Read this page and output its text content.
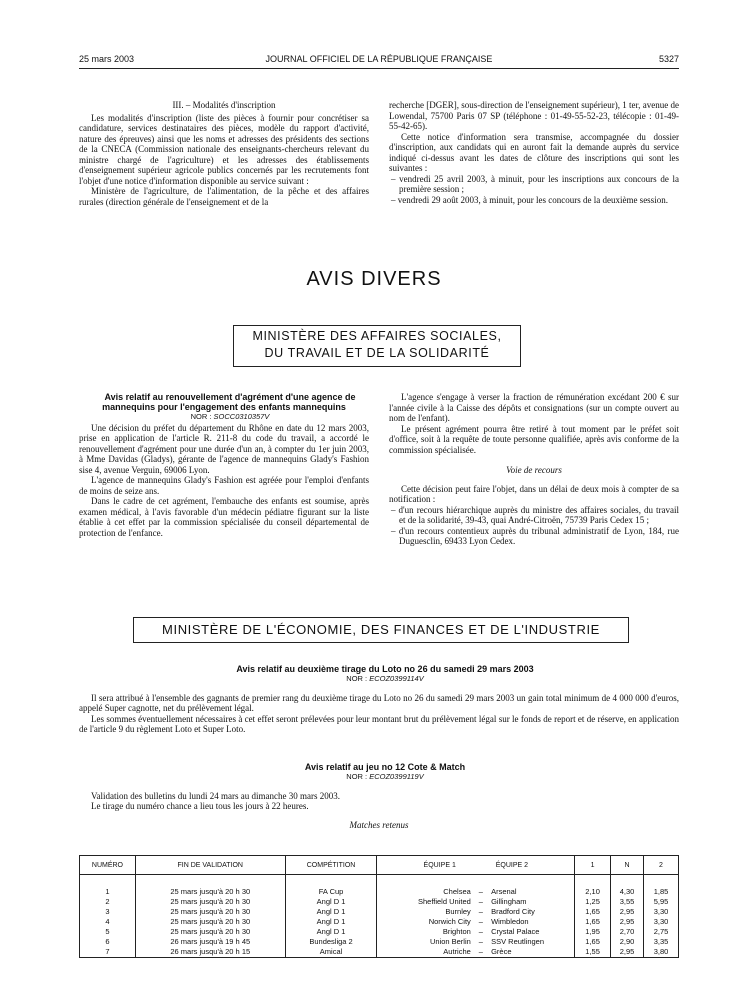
25 mars 2003	JOURNAL OFFICIEL DE LA RÉPUBLIQUE FRANÇAISE	5327
III. – Modalités d'inscription

Les modalités d'inscription (liste des pièces à fournir pour concrétiser sa candidature, services destinataires des pièces, modèle du rapport d'activité, nature des épreuves) ainsi que les noms et adresses des présidents des sections de la CNECA (Commission nationale des enseignants-chercheurs relevant du ministre chargé de l'agriculture) et les adresses des établissements d'enseignement supérieur agricole publics concernés par les recrutements font l'objet d'une notice d'information disponible au service suivant :

Ministère de l'agriculture, de l'alimentation, de la pêche et des affaires rurales (direction générale de l'enseignement et de la

recherche [DGER], sous-direction de l'enseignement supérieur), 1 ter, avenue de Lowendal, 75700 Paris 07 SP (téléphone : 01-49-55-52-23, télécopie : 01-49-55-42-65).

Cette notice d'information sera transmise, accompagnée du dossier d'inscription, aux candidats qui en auront fait la demande auprès du service indiqué ci-dessus avant les dates de clôture des inscriptions qui sont les suivantes :

– vendredi 25 avril 2003, à minuit, pour les inscriptions aux concours de la première session ;

– vendredi 29 août 2003, à minuit, pour les concours de la deuxième session.

AVIS DIVERS
MINISTÈRE DES AFFAIRES SOCIALES,
DU TRAVAIL ET DE LA SOLIDARITÉ

Avis relatif au renouvellement d'agrément d'une agence de mannequins pour l'engagement des enfants mannequins

NOR : SOCC0310357V

Une décision du préfet du département du Rhône en date du 12 mars 2003, prise en application de l'article R. 211-8 du code du travail, a accordé le renouvellement d'agrément pour une durée d'un an, à compter du 1er juin 2003, à Mme Davidas (Gladys), gérante de l'agence de mannequins Glady's Fashion sise 4, avenue Verguin, 69006 Lyon.

L'agence de mannequins Glady's Fashion est agréée pour l'emploi d'enfants de moins de seize ans.

Dans le cadre de cet agrément, l'embauche des enfants est soumise, après examen médical, à l'avis favorable d'un médecin pédiatre figurant sur la liste établie à cet effet par la commission spécialisée du conseil départemental de protection de l'enfance.

L'agence s'engage à verser la fraction de rémunération excédant 200 € sur l'année civile à la Caisse des dépôts et consignations (sur un compte ouvert au nom de l'enfant).

Le présent agrément pourra être retiré à tout moment par le préfet soit d'office, soit à la requête de toute personne qualifiée, après avis conforme de la commission spécialisée.

Voie de recours

Cette décision peut faire l'objet, dans un délai de deux mois à compter de sa notification :

– d'un recours hiérarchique auprès du ministre des affaires sociales, du travail et de la solidarité, 39-43, quai André-Citroën, 75739 Paris Cedex 15 ;

– d'un recours contentieux auprès du tribunal administratif de Lyon, 184, rue Duguesclin, 69433 Lyon Cedex.

MINISTÈRE DE L'ÉCONOMIE, DES FINANCES ET DE L'INDUSTRIE

Avis relatif au deuxième tirage du Loto no 26 du samedi 29 mars 2003

NOR : ECOZ0399114V

Il sera attribué à l'ensemble des gagnants de premier rang du deuxième tirage du Loto no 26 du samedi 29 mars 2003 un gain total minimum de 4 000 000 d'euros, appelé Super cagnotte, net du prélèvement légal.

Les sommes éventuellement nécessaires à cet effet seront prélevées pour leur montant brut du prélèvement légal sur le fonds de report et de réserve, en application de l'article 9 du règlement Loto et Super Loto.

Avis relatif au jeu no 12 Cote & Match

NOR : ECOZ0399119V

Validation des bulletins du lundi 24 mars au dimanche 30 mars 2003.

Le tirage du numéro chance a lieu tous les jours à 22 heures.

Matches retenus

NUMÉRO	FIN DE VALIDATION	COMPÉTITION	ÉQUIPE 1 ÉQUIPE 2		1	N	2

1	25 mars jusqu'à 20 h 30	FA Cup	Chelsea	– Arsenal	2,10	4,30	1,85
2	25 mars jusqu'à 20 h 30	Angl D 1	Sheffield United	– Gillingham	1,25	3,55	5,95
3	25 mars jusqu'à 20 h 30	Angl D 1	Burnley	– Bradford City	1,65	2,95	3,30
4	25 mars jusqu'à 20 h 30	Angl D 1	Norwich City	– Wimbledon	1,65	2,95	3,30
5	25 mars jusqu'à 20 h 30	Angl D 1	Brighton	– Crystal Palace	1,95	2,70	2,75
6	26 mars jusqu'à 19 h 45	Bundesliga 2	Union Berlin	– SSV Reutlingen	1,65	2,90	3,35
7	26 mars jusqu'à 20 h 15	Amical	Autriche	– Grèce	1,55	2,95	3,80
